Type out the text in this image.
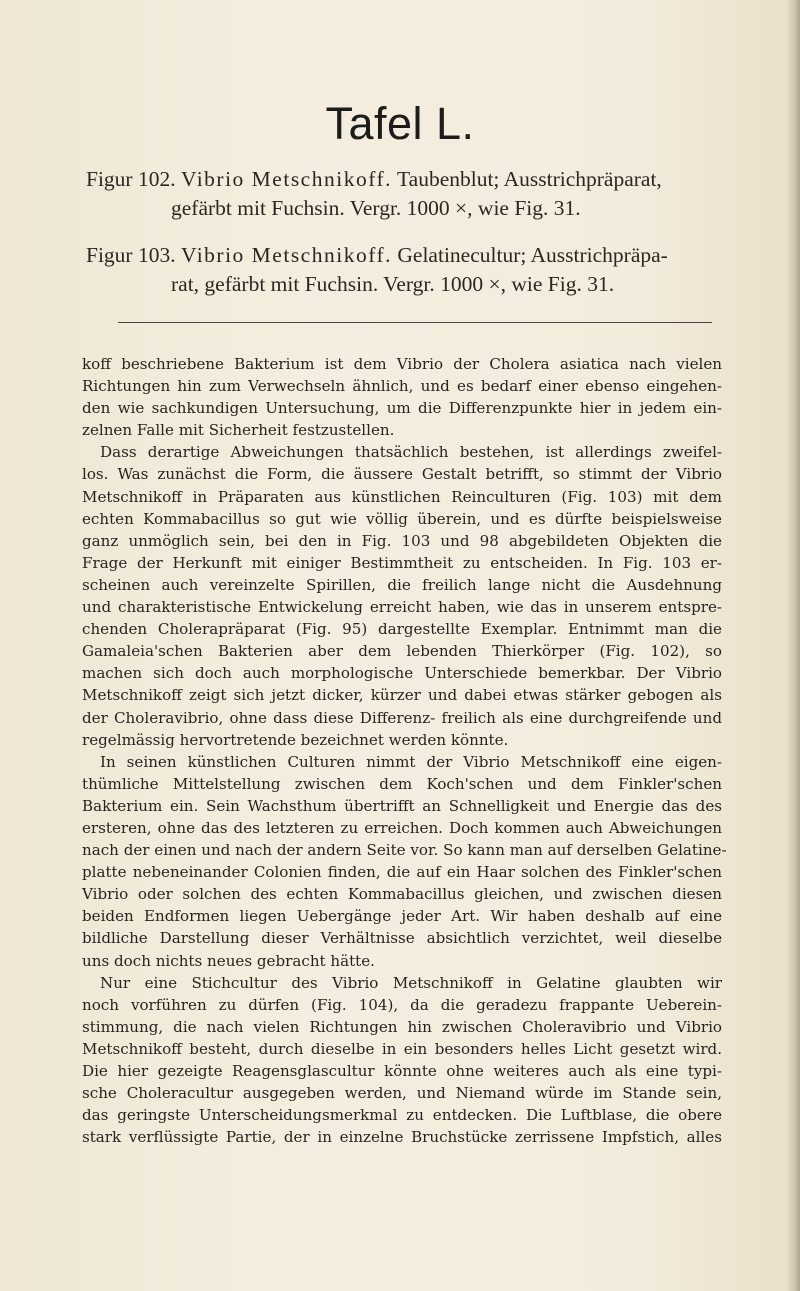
Tafel L.
Figur 102. Vibrio Metschnikoff. Taubenblut; Ausstrichpräparat,
gefärbt mit Fuchsin. Vergr. 1000 ×, wie Fig. 31.
Figur 103. Vibrio Metschnikoff. Gelatinecultur; Ausstrichpräpa-
rat, gefärbt mit Fuchsin. Vergr. 1000 ×, wie Fig. 31.
koff beschriebene Bakterium ist dem Vibrio der Cholera asiatica nach vielen
Richtungen hin zum Verwechseln ähnlich, und es bedarf einer ebenso eingehen-
den wie sachkundigen Untersuchung, um die Differenzpunkte hier in jedem ein-
zelnen Falle mit Sicherheit festzustellen.
Dass derartige Abweichungen thatsächlich bestehen, ist allerdings zweifel-
los. Was zunächst die Form, die äussere Gestalt betrifft, so stimmt der Vibrio
Metschnikoff in Präparaten aus künstlichen Reinculturen (Fig. 103) mit dem
echten Kommabacillus so gut wie völlig überein, und es dürfte beispielsweise
ganz unmöglich sein, bei den in Fig. 103 und 98 abgebildeten Objekten die
Frage der Herkunft mit einiger Bestimmtheit zu entscheiden. In Fig. 103 er-
scheinen auch vereinzelte Spirillen, die freilich lange nicht die Ausdehnung
und charakteristische Entwickelung erreicht haben, wie das in unserem entspre-
chenden Cholerapräparat (Fig. 95) dargestellte Exemplar. Entnimmt man die
Gamaleia'schen Bakterien aber dem lebenden Thierkörper (Fig. 102), so
machen sich doch auch morphologische Unterschiede bemerkbar. Der Vibrio
Metschnikoff zeigt sich jetzt dicker, kürzer und dabei etwas stärker gebogen als
der Choleravibrio, ohne dass diese Differenz- freilich als eine durchgreifende und
regelmässig hervortretende bezeichnet werden könnte.
In seinen künstlichen Culturen nimmt der Vibrio Metschnikoff eine eigen-
thümliche Mittelstellung zwischen dem Koch'schen und dem Finkler'schen
Bakterium ein. Sein Wachsthum übertrifft an Schnelligkeit und Energie das des
ersteren, ohne das des letzteren zu erreichen. Doch kommen auch Abweichungen
nach der einen und nach der andern Seite vor. So kann man auf derselben Gelatine-
platte nebeneinander Colonien finden, die auf ein Haar solchen des Finkler'schen
Vibrio oder solchen des echten Kommabacillus gleichen, und zwischen diesen
beiden Endformen liegen Uebergänge jeder Art. Wir haben deshalb auf eine
bildliche Darstellung dieser Verhältnisse absichtlich verzichtet, weil dieselbe
uns doch nichts neues gebracht hätte.
Nur eine Stichcultur des Vibrio Metschnikoff in Gelatine glaubten wir
noch vorführen zu dürfen (Fig. 104), da die geradezu frappante Ueberein-
stimmung, die nach vielen Richtungen hin zwischen Choleravibrio und Vibrio
Metschnikoff besteht, durch dieselbe in ein besonders helles Licht gesetzt wird.
Die hier gezeigte Reagensglascultur könnte ohne weiteres auch als eine typi-
sche Choleracultur ausgegeben werden, und Niemand würde im Stande sein,
das geringste Unterscheidungsmerkmal zu entdecken. Die Luftblase, die obere
stark verflüssigte Partie, der in einzelne Bruchstücke zerrissene Impfstich, alles
